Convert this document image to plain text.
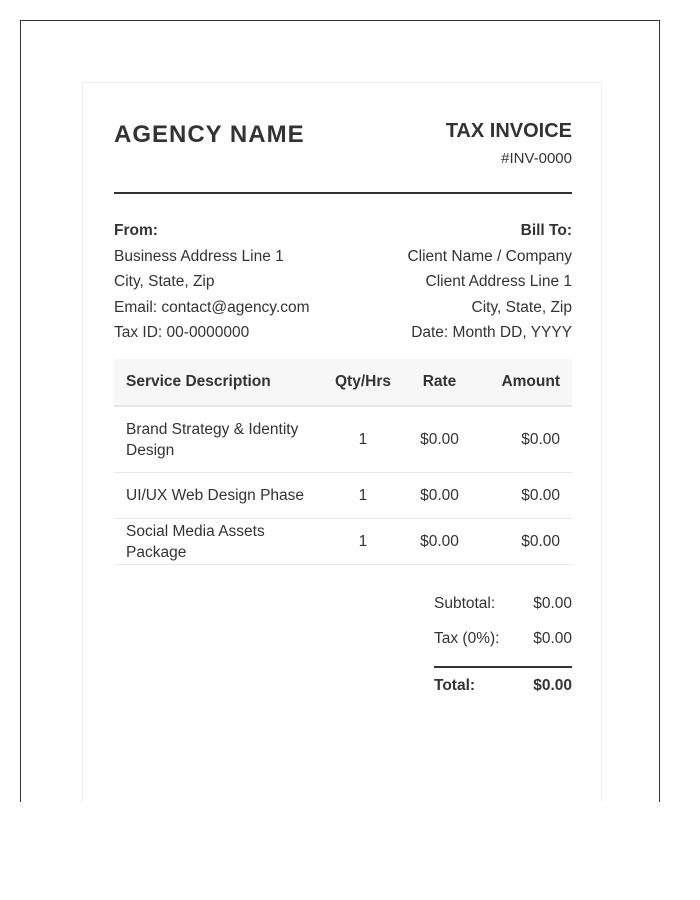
AGENCY NAME	TAX INVOICE
#INV-0000
From:
Business Address Line 1
City, State, Zip
Email: contact@agency.com
Tax ID: 00-0000000
Bill To:
Client Name / Company
Client Address Line 1
City, State, Zip
Date: Month DD, YYYY
Service Description	Qty/Hrs	Rate	Amount
Brand Strategy & Identity Design	1	$0.00	$0.00
UI/UX Web Design Phase	1	$0.00	$0.00
Social Media Assets Package	1	$0.00	$0.00
Subtotal: $0.00
Tax (0%): $0.00
Total:	$0.00
